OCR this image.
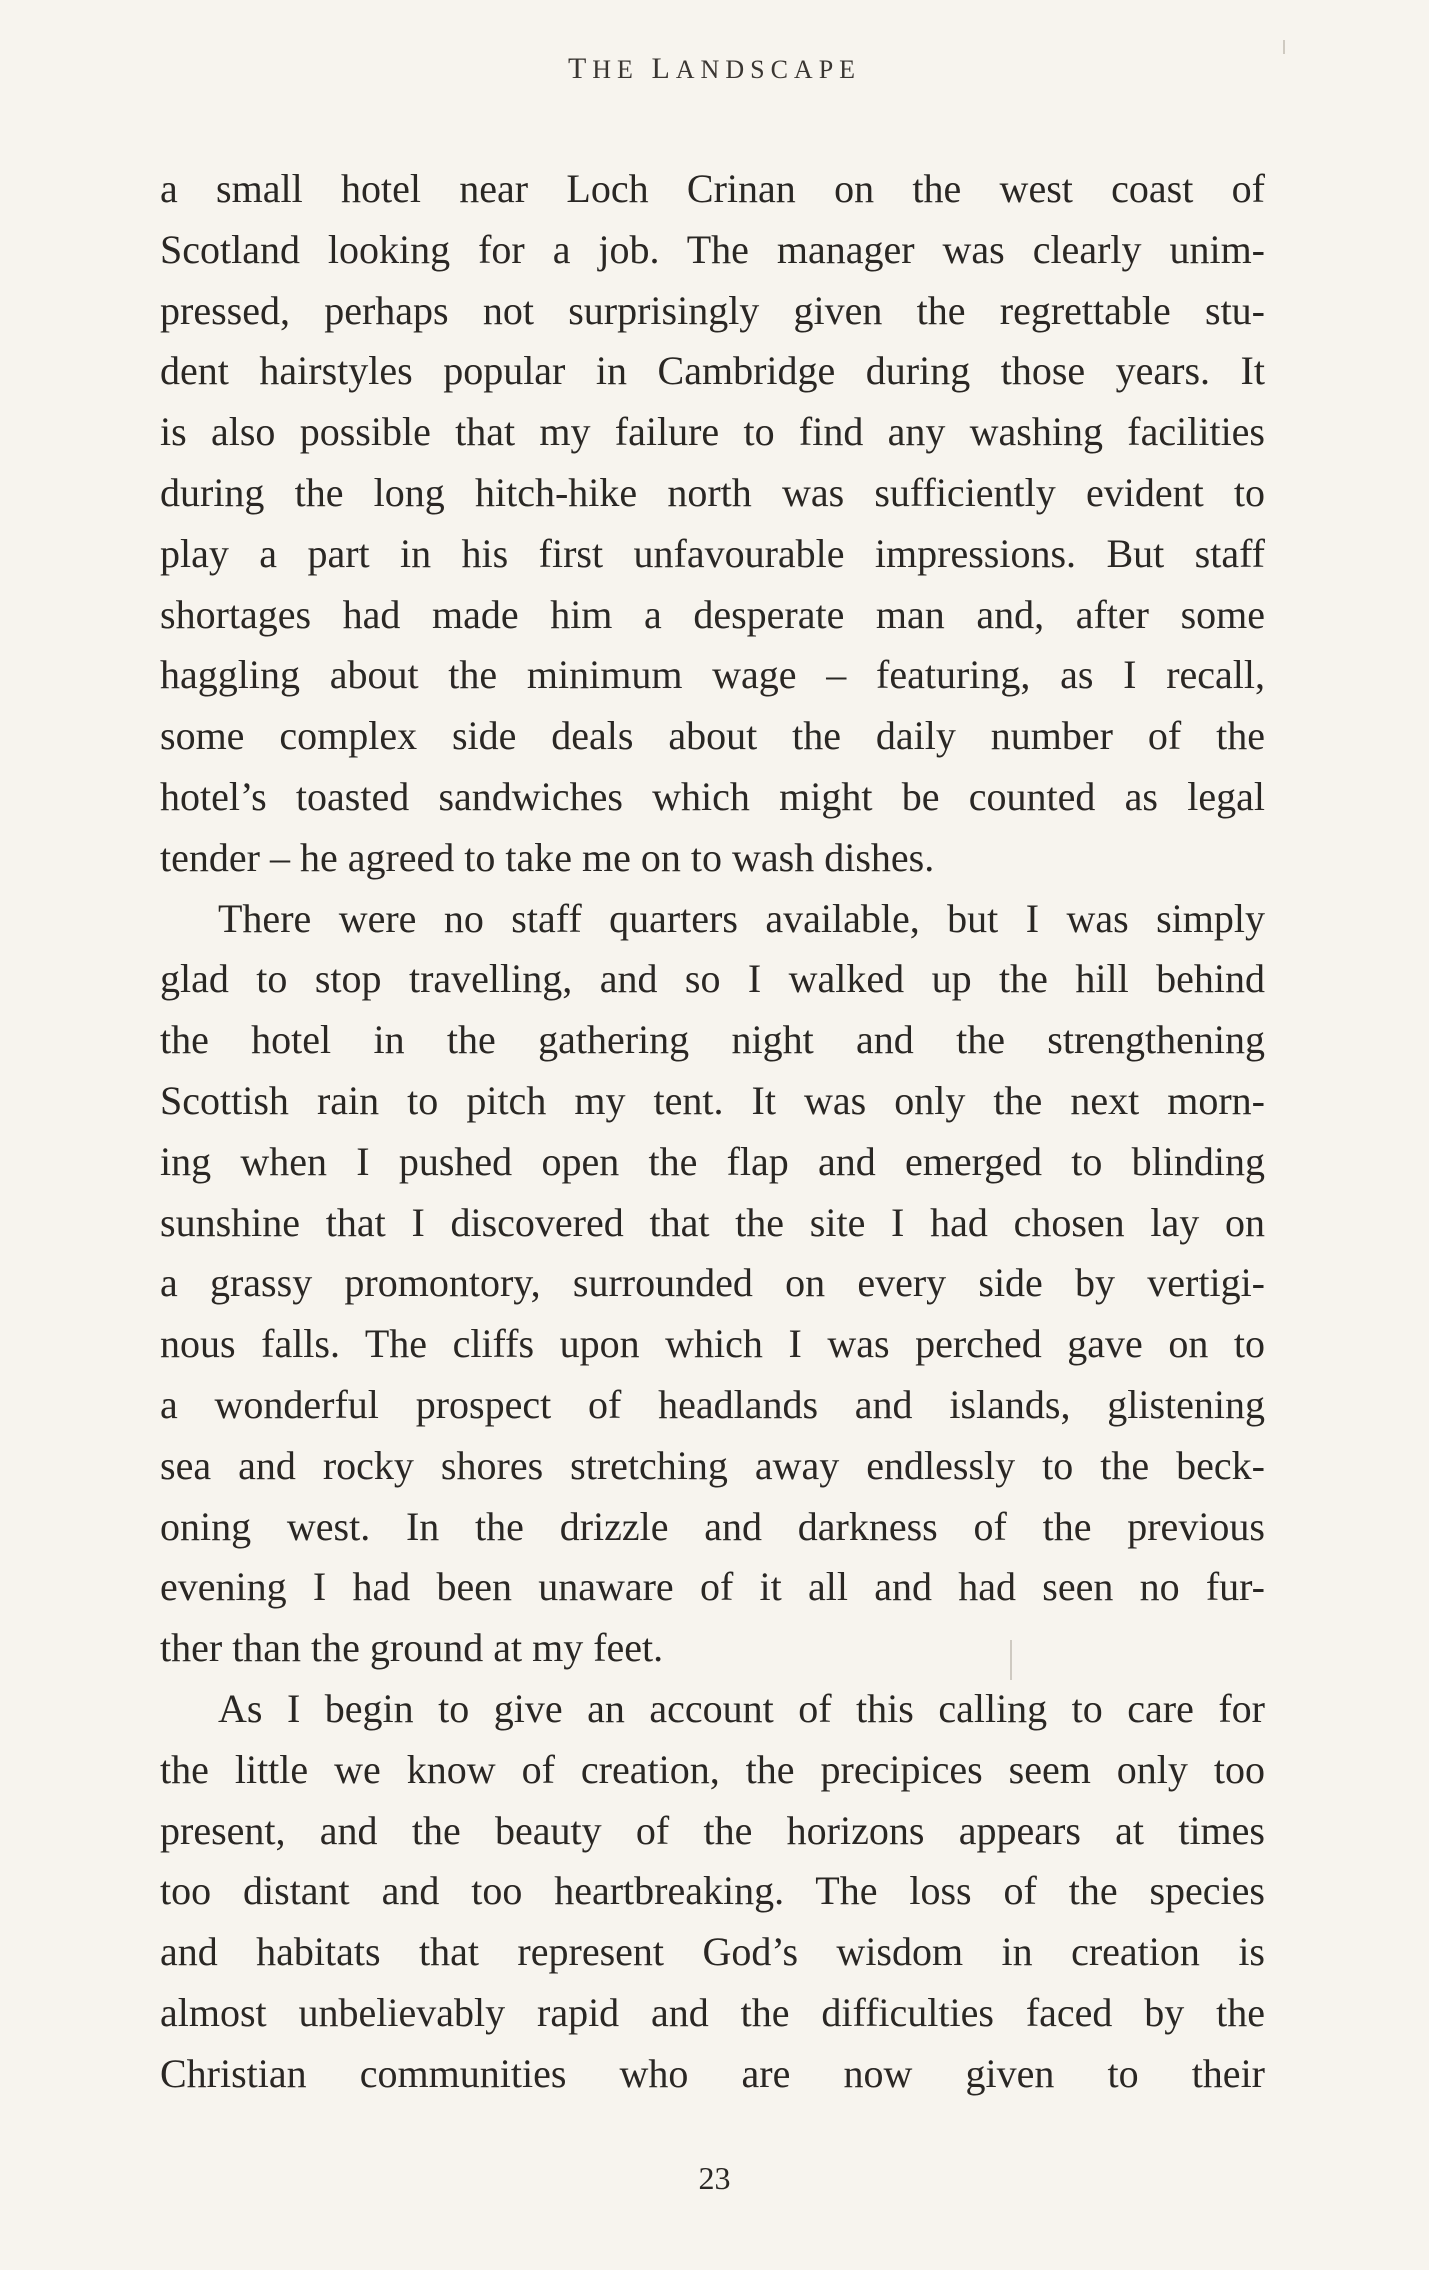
THE LANDSCAPE
a small hotel near Loch Crinan on the west coast of
Scotland looking for a job. The manager was clearly unim-
pressed, perhaps not surprisingly given the regrettable stu-
dent hairstyles popular in Cambridge during those years. It
is also possible that my failure to find any washing facilities
during the long hitch-hike north was sufficiently evident to
play a part in his first unfavourable impressions. But staff
shortages had made him a desperate man and, after some
haggling about the minimum wage – featuring, as I recall,
some complex side deals about the daily number of the
hotel’s toasted sandwiches which might be counted as legal
tender – he agreed to take me on to wash dishes.
There were no staff quarters available, but I was simply
glad to stop travelling, and so I walked up the hill behind
the hotel in the gathering night and the strengthening
Scottish rain to pitch my tent. It was only the next morn-
ing when I pushed open the flap and emerged to blinding
sunshine that I discovered that the site I had chosen lay on
a grassy promontory, surrounded on every side by vertigi-
nous falls. The cliffs upon which I was perched gave on to
a wonderful prospect of headlands and islands, glistening
sea and rocky shores stretching away endlessly to the beck-
oning west. In the drizzle and darkness of the previous
evening I had been unaware of it all and had seen no fur-
ther than the ground at my feet.
As I begin to give an account of this calling to care for
the little we know of creation, the precipices seem only too
present, and the beauty of the horizons appears at times
too distant and too heartbreaking. The loss of the species
and habitats that represent God’s wisdom in creation is
almost unbelievably rapid and the difficulties faced by the
Christian communities who are now given to their
23
